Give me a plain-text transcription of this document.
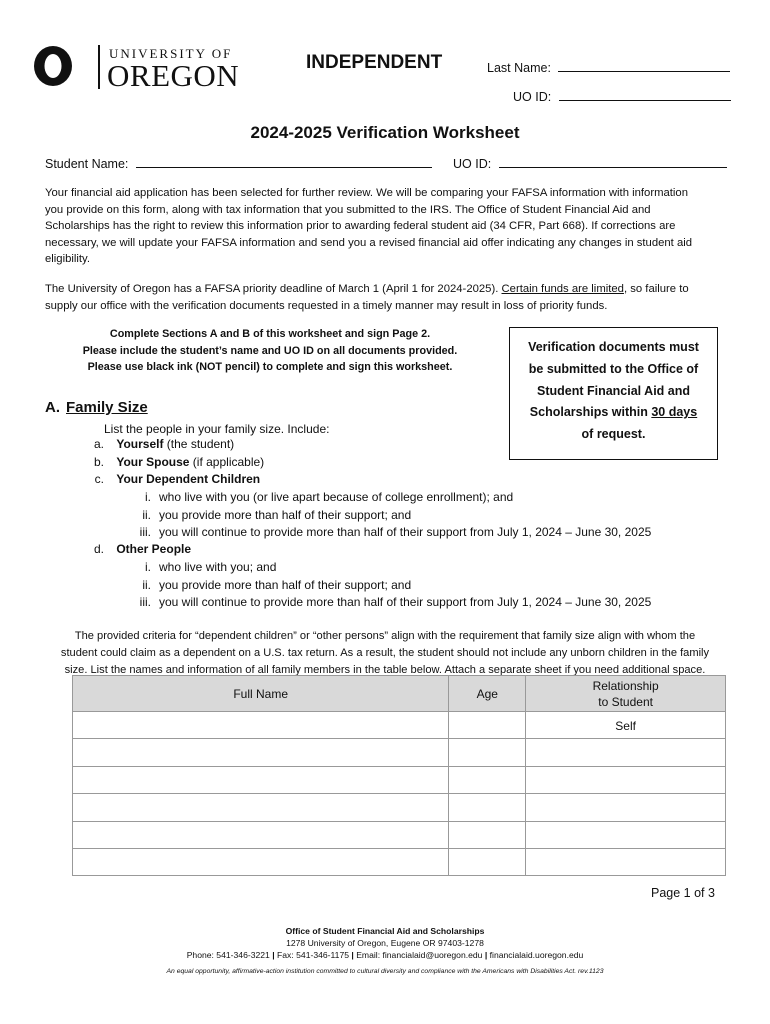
UNIVERSITY OF
OREGON	INDEPENDENT	Last Name:
UO ID:
2024-2025 Verification Worksheet
Student Name:	UO ID:
Your financial aid application has been selected for further review. We will be comparing your FAFSA information with information
you provide on this form, along with tax information that you submitted to the IRS. The Office of Student Financial Aid and
Scholarships has the right to review this information prior to awarding federal student aid (34 CFR, Part 668). If corrections are
necessary, we will update your FAFSA information and send you a revised financial aid offer indicating any changes in student aid
eligibility.
The University of Oregon has a FAFSA priority deadline of March 1 (April 1 for 2024-2025). Certain funds are limited, so failure to
supply our office with the verification documents requested in a timely manner may result in loss of priority funds.
Complete Sections A and B of this worksheet and sign Page 2.
Please include the student’s name and UO ID on all documents provided.
Please use black ink (NOT pencil) to complete and sign this worksheet.
Verification documents must
be submitted to the Office of
Student Financial Aid and
Scholarships within 30 days
of request.
A. Family Size
List the people in your family size. Include:
a. Yourself (the student)
b. Your Spouse (if applicable)
c. Your Dependent Children
i. who live with you (or live apart because of college enrollment); and
ii. you provide more than half of their support; and
iii. you will continue to provide more than half of their support from July 1, 2024 – June 30, 2025
d. Other People
i. who live with you; and
ii. you provide more than half of their support; and
iii. you will continue to provide more than half of their support from July 1, 2024 – June 30, 2025
The provided criteria for “dependent children” or “other persons” align with the requirement that family size align with whom the
student could claim as a dependent on a U.S. tax return. As a result, the student should not include any unborn children in the family
size. List the names and information of all family members in the table below. Attach a separate sheet if you need additional space.
Full Name	Age	Relationship
to Student

		Self

Page 1 of 3
Office of Student Financial Aid and Scholarships
1278 University of Oregon, Eugene OR 97403-1278
Phone: 541-346-3221 | Fax: 541-346-1175 | Email: financialaid@uoregon.edu | financialaid.uoregon.edu
An equal opportunity, affirmative-action institution committed to cultural diversity and compliance with the Americans with Disabilities Act. rev.1123
